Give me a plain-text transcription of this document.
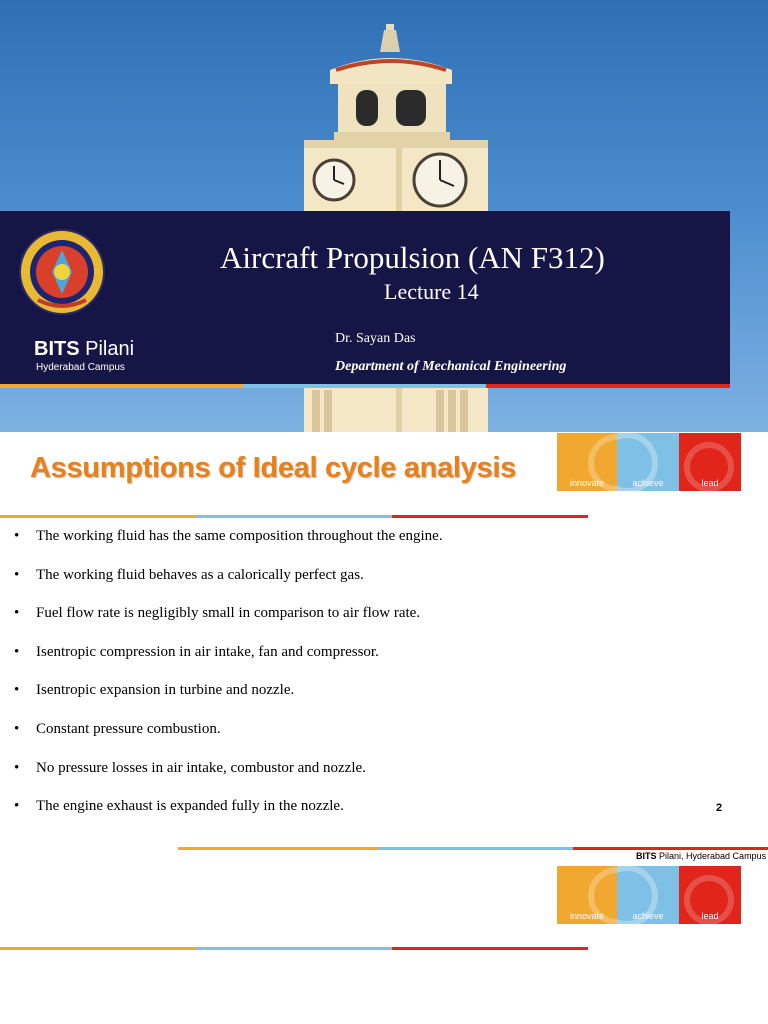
BITS Pilani
Hyderabad Campus
Aircraft Propulsion (AN F312)
Lecture 14
Dr. Sayan Das
Department of Mechanical Engineering
Assumptions of Ideal cycle analysis	innovate	achieve	lead
• The working fluid has the same composition throughout the engine.
• The working fluid behaves as a calorically perfect gas.
• Fuel flow rate is negligibly small in comparison to air flow rate.
• Isentropic compression in air intake, fan and compressor.
• Isentropic expansion in turbine and nozzle.
• Constant pressure combustion.
• No pressure losses in air intake, combustor and nozzle.
• The engine exhaust is expanded fully in the nozzle.	2
BITS Pilani, Hyderabad Campus
innovate	achieve	lead
